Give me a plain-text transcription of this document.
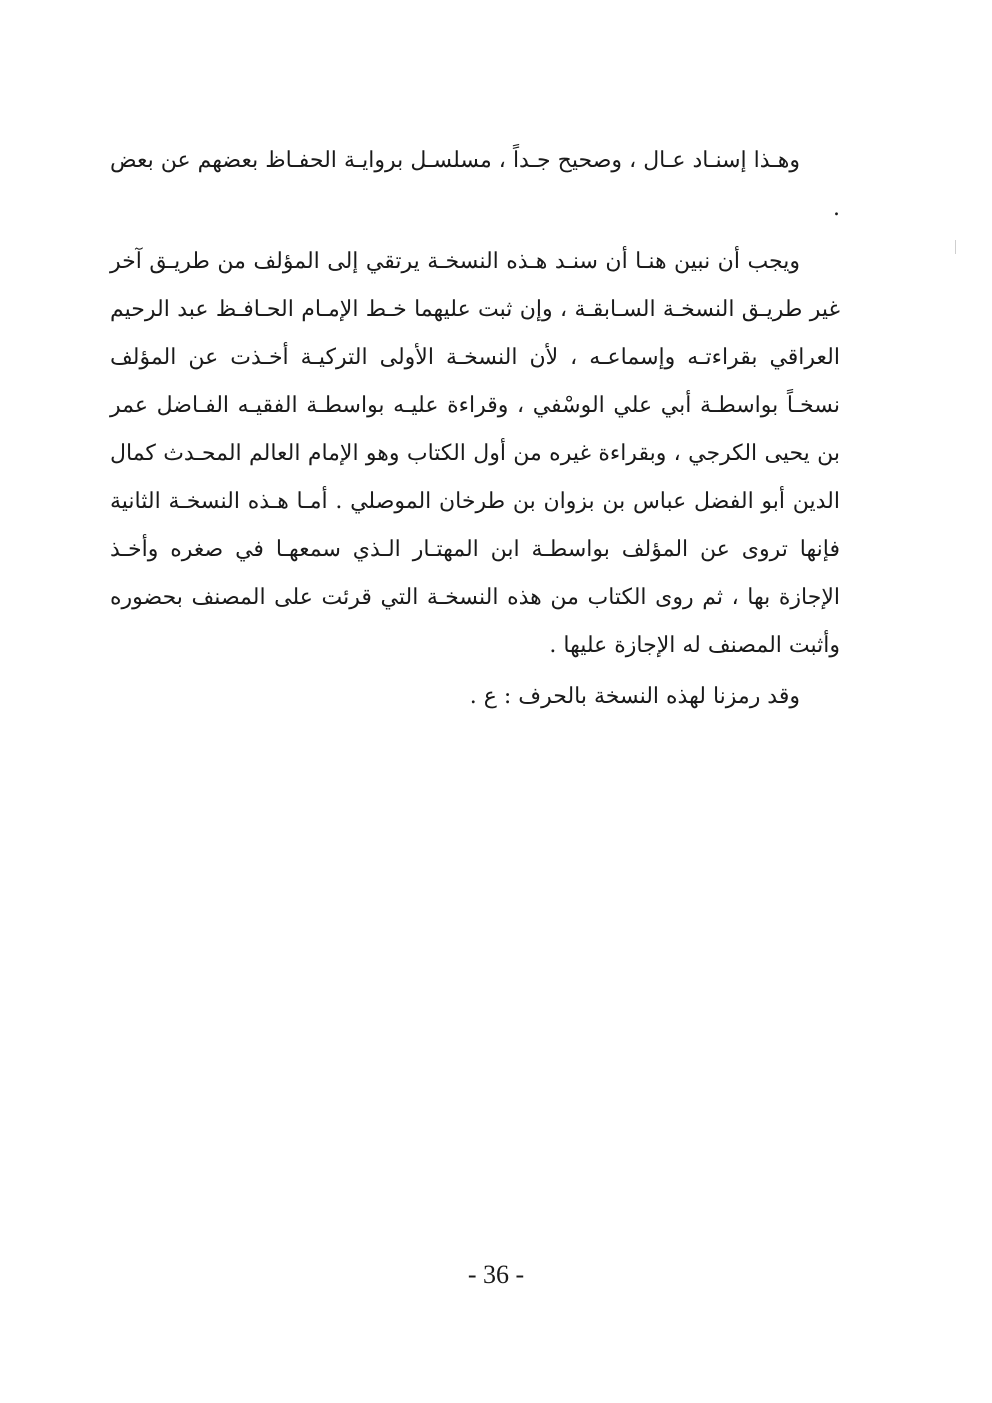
وهـذا إسنـاد عـال ، وصحيح جـداً ، مسلسـل بروايـة الحفـاظ بعضهم عن بعض .

ويجب أن نبين هنـا أن سنـد هـذه النسخـة يرتقي إلى المؤلف من طريـق آخر غير طريـق النسخـة السـابقـة ، وإن ثبت عليهما خـط الإمـام الحـافـظ عبد الرحيم العراقي بقراءتـه وإسماعـه ، لأن النسخـة الأولى التركيـة أخـذت عن المؤلف نسخـاً بواسطـة أبي علي الوسْفي ، وقراءة عليـه بواسطـة الفقيـه الفـاضل عمر بن يحيى الكرجي ، وبقراءة غيره من أول الكتاب وهو الإمام العالم المحـدث كمال الدين أبو الفضل عباس بن بزوان بن طرخان الموصلي . أمـا هـذه النسخـة الثانية فإنها تروى عن المؤلف بواسطـة ابن المهتـار الـذي سمعهـا في صغره وأخـذ الإجازة بها ، ثم روى الكتاب من هذه النسخـة التي قرئت على المصنف بحضوره وأثبت المصنف له الإجازة عليها .

وقد رمزنا لهذه النسخة بالحرف : ع .

- 36 -
